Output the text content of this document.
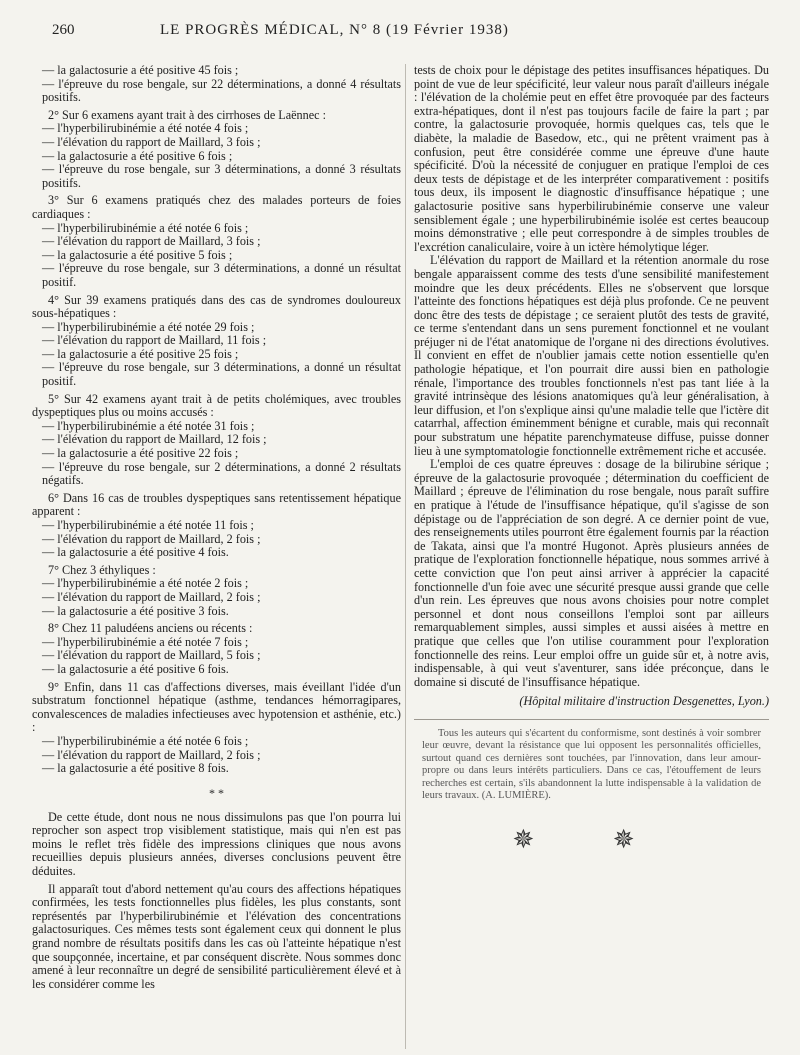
260	LE PROGRÈS MÉDICAL, N° 8 (19 Février 1938)

— la galactosurie a été positive 45 fois ;

— l'épreuve du rose bengale, sur 22 déterminations, a donné 4 résultats positifs.

2° Sur 6 examens ayant trait à des cirrhoses de Laënnec :

— l'hyperbilirubinémie a été notée 4 fois ;

— l'élévation du rapport de Maillard, 3 fois ;

— la galactosurie a été positive 6 fois ;

— l'épreuve du rose bengale, sur 3 déterminations, a donné 3 résultats positifs.

3° Sur 6 examens pratiqués chez des malades porteurs de foies cardiaques :

— l'hyperbilirubinémie a été notée 6 fois ;

— l'élévation du rapport de Maillard, 3 fois ;

— la galactosurie a été positive 5 fois ;

— l'épreuve du rose bengale, sur 3 déterminations, a donné un résultat positif.

4° Sur 39 examens pratiqués dans des cas de syndromes douloureux sous-hépatiques :

— l'hyperbilirubinémie a été notée 29 fois ;

— l'élévation du rapport de Maillard, 11 fois ;

— la galactosurie a été positive 25 fois ;

— l'épreuve du rose bengale, sur 3 déterminations, a donné un résultat positif.

5° Sur 42 examens ayant trait à de petits cholémiques, avec troubles dyspeptiques plus ou moins accusés :

— l'hyperbilirubinémie a été notée 31 fois ;

— l'élévation du rapport de Maillard, 12 fois ;

— la galactosurie a été positive 22 fois ;

— l'épreuve du rose bengale, sur 2 déterminations, a donné 2 résultats négatifs.

6° Dans 16 cas de troubles dyspeptiques sans retentissement hépatique apparent :

— l'hyperbilirubinémie a été notée 11 fois ;

— l'élévation du rapport de Maillard, 2 fois ;

— la galactosurie a été positive 4 fois.

7° Chez 3 éthyliques :

— l'hyperbilirubinémie a été notée 2 fois ;

— l'élévation du rapport de Maillard, 2 fois ;

— la galactosurie a été positive 3 fois.

8° Chez 11 paludéens anciens ou récents :

— l'hyperbilirubinémie a été notée 7 fois ;

— l'élévation du rapport de Maillard, 5 fois ;

— la galactosurie a été positive 6 fois.

9° Enfin, dans 11 cas d'affections diverses, mais éveillant l'idée d'un substratum fonctionnel hépatique (asthme, tendances hémorragipares, convalescences de maladies infectieuses avec hypotension et asthénie, etc.) :

— l'hyperbilirubinémie a été notée 6 fois ;

— l'élévation du rapport de Maillard, 2 fois ;

— la galactosurie a été positive 8 fois.

* *

De cette étude, dont nous ne nous dissimulons pas que l'on pourra lui reprocher son aspect trop visiblement statistique, mais qui n'en est pas moins le reflet très fidèle des impressions cliniques que nous avons recueillies depuis plusieurs années, diverses conclusions peuvent être déduites.

Il apparaît tout d'abord nettement qu'au cours des affections hépatiques confirmées, les tests fonctionnelles plus fidèles, les plus constants, sont représentés par l'hyperbilirubinémie et l'élévation des concentrations galactosuriques. Ces mêmes tests sont également ceux qui donnent le plus grand nombre de résultats positifs dans les cas où l'atteinte hépatique n'est que soupçonnée, incertaine, et par conséquent discrète. Nous sommes donc amené à leur reconnaître un degré de sensibilité particulièrement élevé et à les considérer comme les

tests de choix pour le dépistage des petites insuffisances hépatiques. Du point de vue de leur spécificité, leur valeur nous paraît d'ailleurs inégale : l'élévation de la cholémie peut en effet être provoquée par des facteurs extra-hépatiques, dont il n'est pas toujours facile de faire la part ; par contre, la galactosurie provoquée, hormis quelques cas, tels que le diabète, la maladie de Basedow, etc., qui ne prêtent vraiment pas à confusion, peut être considérée comme une épreuve d'une haute spécificité. D'où la nécessité de conjuguer en pratique l'emploi de ces deux tests de dépistage et de les interpréter comparativement : positifs tous deux, ils imposent le diagnostic d'insuffisance hépatique ; une galactosurie positive sans hyperbilirubinémie conserve une valeur sensiblement égale ; une hyperbilirubinémie isolée est certes beaucoup moins démonstrative ; elle peut correspondre à de simples troubles de l'excrétion canaliculaire, voire à un ictère hémolytique léger.

L'élévation du rapport de Maillard et la rétention anormale du rose bengale apparaissent comme des tests d'une sensibilité manifestement moindre que les deux précédents. Elles ne s'observent que lorsque l'atteinte des fonctions hépatiques est déjà plus profonde. Ce ne peuvent donc être des tests de dépistage ; ce seraient plutôt des tests de gravité, ce terme s'entendant dans un sens purement fonctionnel et ne voulant préjuger ni de l'état anatomique de l'organe ni des directions évolutives. Il convient en effet de n'oublier jamais cette notion essentielle qu'en pathologie hépatique, et l'on pourrait dire aussi bien en pathologie rénale, l'importance des troubles fonctionnels n'est pas tant liée à la gravité intrinsèque des lésions anatomiques qu'à leur généralisation, à leur diffusion, et l'on s'explique ainsi qu'une maladie telle que l'ictère dit catarrhal, affection éminemment bénigne et curable, mais qui reconnaît pour substratum une hépatite parenchymateuse diffuse, puisse donner lieu à une symptomatologie fonctionnelle extrêmement riche et accusée.

L'emploi de ces quatre épreuves : dosage de la bilirubine sérique ; épreuve de la galactosurie provoquée ; détermination du coefficient de Maillard ; épreuve de l'élimination du rose bengale, nous paraît suffire en pratique à l'étude de l'insuffisance hépatique, qu'il s'agisse de son dépistage ou de l'appréciation de son degré. A ce dernier point de vue, des renseignements utiles pourront être également fournis par la réaction de Takata, ainsi que l'a montré Hugonot. Après plusieurs années de pratique de l'exploration fonctionnelle hépatique, nous sommes arrivé à cette conviction que l'on peut ainsi arriver à apprécier la capacité fonctionnelle d'un foie avec une sécurité presque aussi grande que celle d'un rein. Les épreuves que nous avons choisies pour notre complet personnel et dont nous conseillons l'emploi sont par ailleurs remarquablement simples, aussi simples et aussi aisées à mettre en pratique que celles que l'on utilise couramment pour l'exploration fonctionnelle des reins. Leur emploi offre un guide sûr et, à notre avis, indispensable, à qui veut s'aventurer, sans idée préconçue, dans le domaine si discuté de l'insuffisance hépatique.

(Hôpital militaire d'instruction Desgenettes, Lyon.)

Tous les auteurs qui s'écartent du conformisme, sont destinés à voir sombrer leur œuvre, devant la résistance que lui opposent les personnalités officielles, surtout quand ces dernières sont touchées, par l'innovation, dans leur amour-propre ou dans leurs intérêts particuliers. Dans ce cas, l'étouffement de leurs recherches est certain, s'ils abandonnent la lutte indispensable à la validation de leurs travaux. (A. LUMIÈRE).

✵ ✵
